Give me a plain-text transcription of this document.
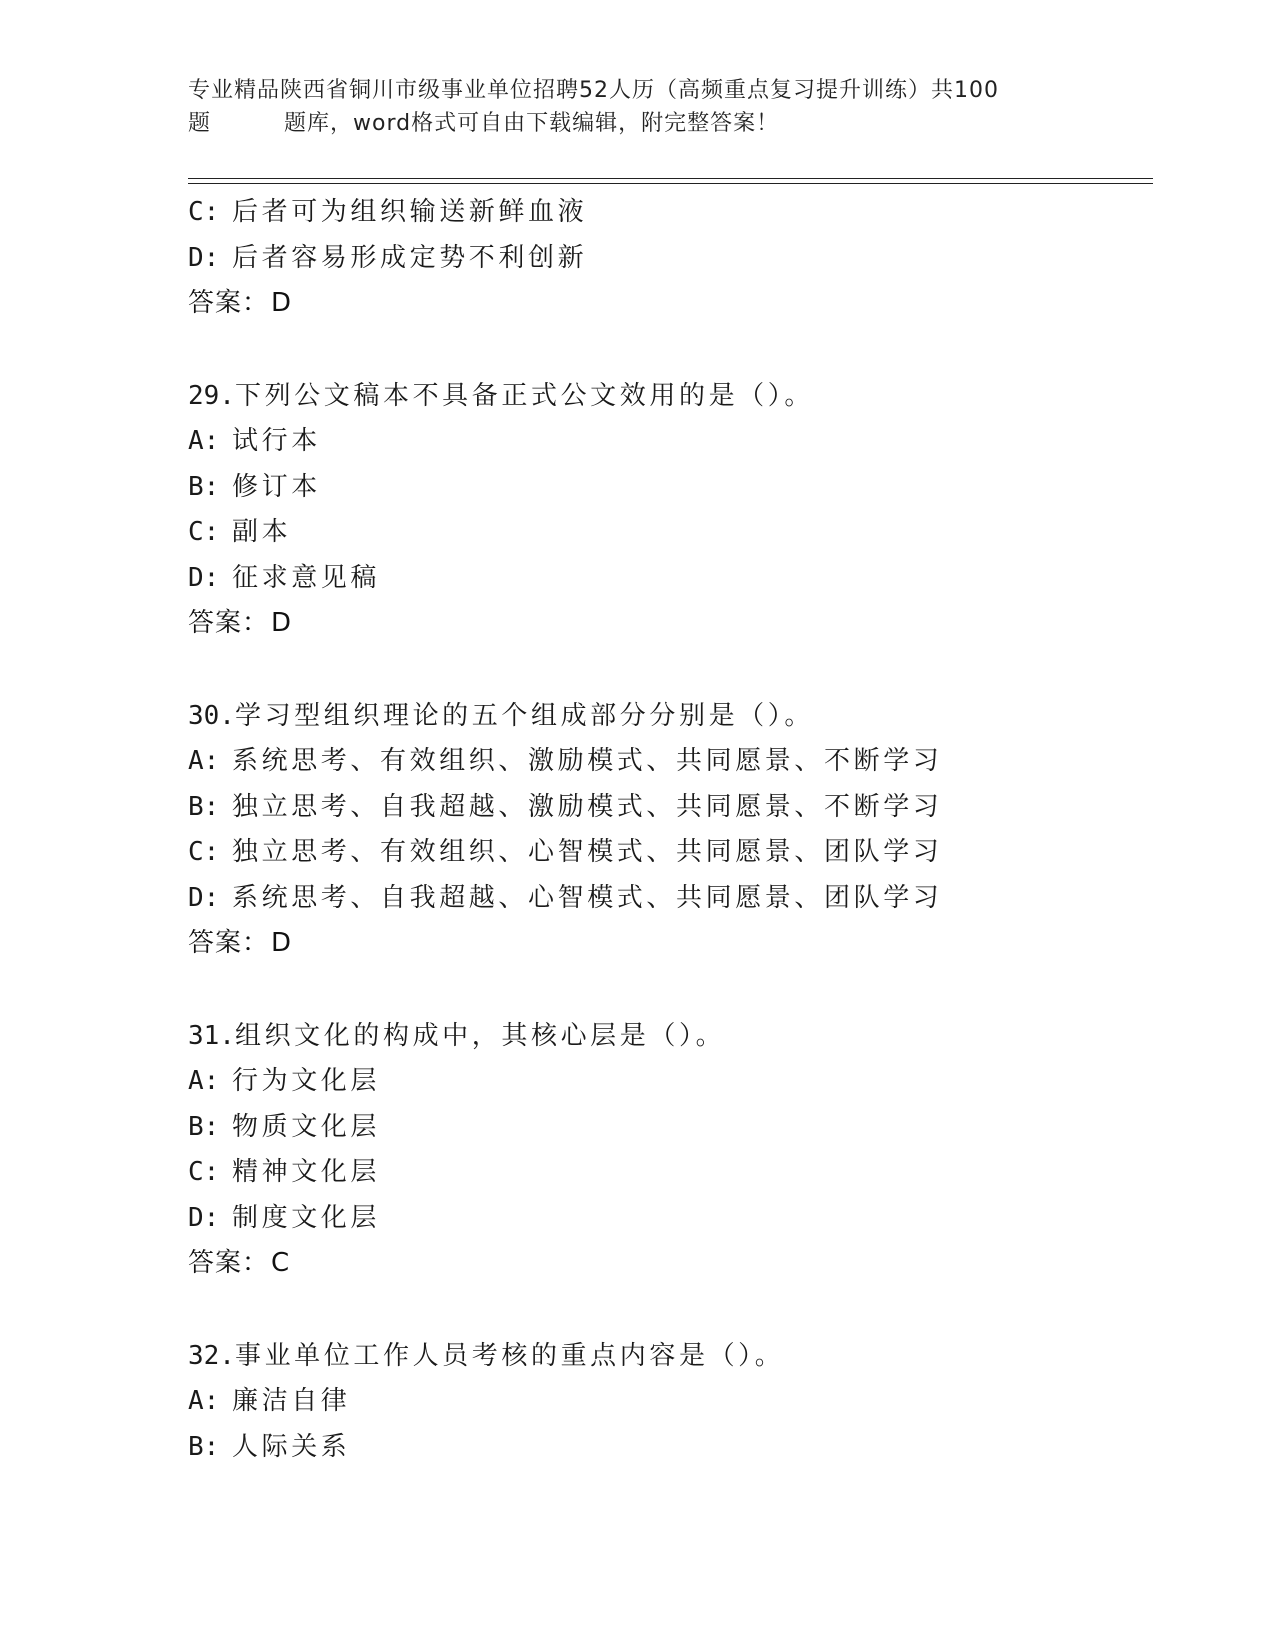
专业精品陕西省铜川市级事业单位招聘52人历（高频重点复习提升训练）共100
题	题库，word格式可自由下载编辑，附完整答案！
C: 后者可为组织输送新鲜血液
D: 后者容易形成定势不利创新
答案：D
29.下列公文稿本不具备正式公文效用的是（）。
A: 试行本
B: 修订本
C: 副本
D: 征求意见稿
答案：D
30.学习型组织理论的五个组成部分分别是（）。
A: 系统思考、有效组织、激励模式、共同愿景、不断学习
B: 独立思考、自我超越、激励模式、共同愿景、不断学习
C: 独立思考、有效组织、心智模式、共同愿景、团队学习
D: 系统思考、自我超越、心智模式、共同愿景、团队学习
答案：D
31.组织文化的构成中，其核心层是（）。
A: 行为文化层
B: 物质文化层
C: 精神文化层
D: 制度文化层
答案：C
32.事业单位工作人员考核的重点内容是（）。
A: 廉洁自律
B: 人际关系
